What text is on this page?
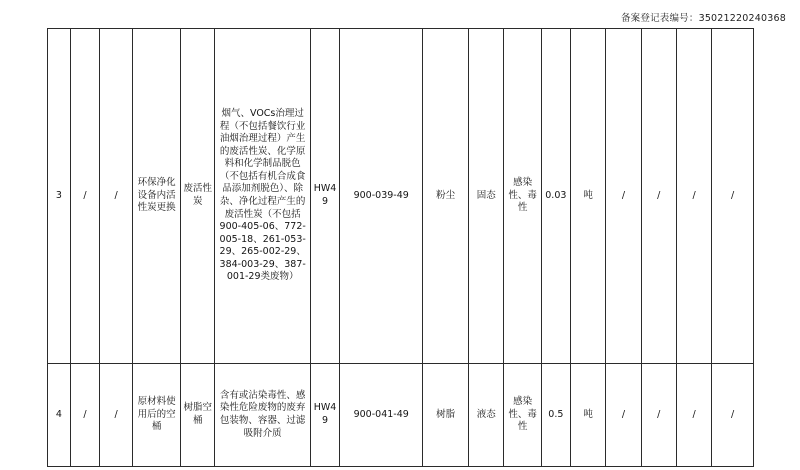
备案登记表编号：35021220240368
3	/	/	环保净化设备内活性炭更换	废活性炭	烟气、VOCs治理过程（不包括餐饮行业油烟治理过程）产生的废活性炭、化学原料和化学制品脱色（不包括有机合成食品添加剂脱色）、除杂、净化过程产生的废活性炭（不包括900-405-06、772-005-18、261-053-29、265-002-29、384-003-29、387-001-29类废物）	HW49	900-039-49	粉尘	固态	感染性、毒性	0.03	吨	/	/	/	/
4	/	/	原材料使用后的空桶	树脂空桶	含有或沾染毒性、感染性危险废物的废弃包装物、容器、过滤吸附介质	HW49	900-041-49	树脂	液态	感染性、毒性	0.5	吨	/	/	/	/
